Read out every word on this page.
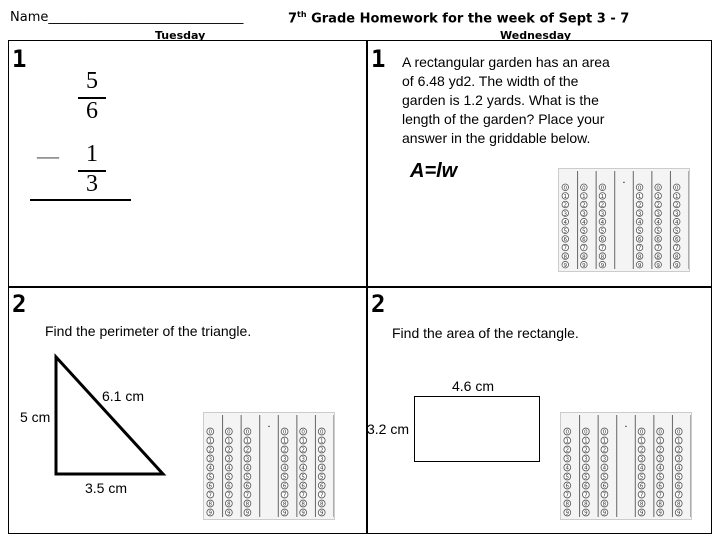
Name______________________________	7th Grade Homework for the week of Sept 3 - 7
Tuesday	Wednesday
1
5
6
—	1
3
1 A rectangular garden has an area
of 6.48 yd2. The width of the
garden is 1.2 yards. What is the
length of the garden? Place your
answer in the griddable below.
A=lw
0
1
2
3
4
5
6
7
8
9
0
1
2
3
4
5
6
7
8
9
0
1
2
3
4
5
6
7
8
9
.
0
1
2
3
4
5
6
7
8
9
0
1
2
3
4
5
6
7
8
9
0
1
2
3
4
5
6
7
8
9
2
Find the perimeter of the triangle.
6.1 cm
5 cm
3.5 cm
0
1
2
3
4
5
6
7
8
9
0
1
2
3
4
5
6
7
8
9
0
1
2
3
4
5
6
7
8
9
.
0
1
2
3
4
5
6
7
8
9
0
1
2
3
4
5
6
7
8
9
0
1
2
3
4
5
6
7
8
9
2
Find the area of the rectangle.
4.6 cm
3.2 cm	0
1
2
3
4
5
6
7
8
9
0
1
2
3
4
5
6
7
8
9
0
1
2
3
4
5
6
7
8
9
.
0
1
2
3
4
5
6
7
8
9
0
1
2
3
4
5
6
7
8
9
0
1
2
3
4
5
6
7
8
9
